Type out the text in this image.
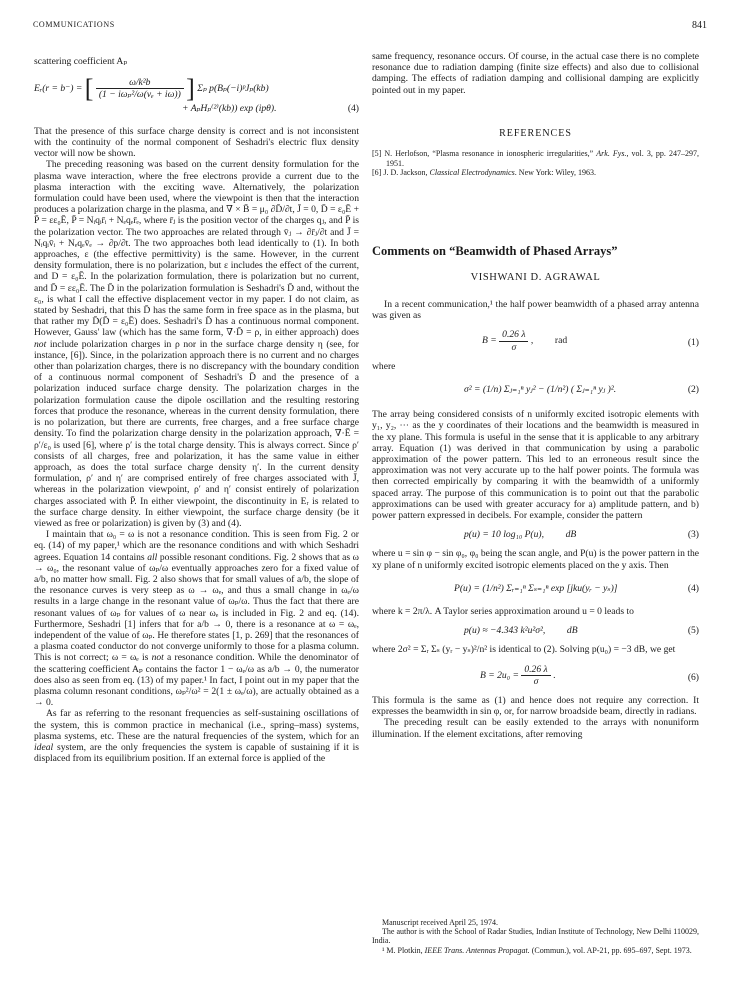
COMMUNICATIONS	841

scattering coefficient Aₚ

Eᵣ(r = b⁻) = [ $\frac{\text{ω/k²b}}{\text{(1 − iωₚ²/ω(νₑ + iω))}}$ ] Σₚ p(Bₚ(−i)ᵖJₚ(kb)
+ AₚHₚ⁽²⁾(kb)) exp (ipθ).	(4)

That the presence of this surface charge density is correct and is not inconsistent with the continuity of the normal component of Seshadri's electric flux density vector will now be shown.

The preceding reasoning was based on the current density formulation for the plasma wave interaction, where the free electrons provide a current due to the plasma interaction with the exciting wave. Alternatively, the polarization formulation could have been used, where the viewpoint is then that the interaction produces a polarization charge in the plasma, and ∇ × B̄ = μ₀ ∂D̄/∂t, J̄ = 0, D̄ = ε₀Ē + P̄ = εε₀Ē, P̄ = Nᵢqᵢr̄ᵢ + Nₑqₑr̄ₑ, where r̄ⱼ is the position vector of the charges qⱼ, and P̄ is the polarization vector. The two approaches are related through v̄ⱼ → ∂r̄ⱼ/∂t and J̄ = Nᵢqᵢv̄ᵢ + Nₑqₑv̄ₑ → ∂p/∂t. The two approaches both lead identically to (1). In both approaches, ε (the effective permittivity) is the same. However, in the current density formulation, there is no polarization, but ε includes the effect of the current, and D = ε₀Ē. In the polarization formulation, there is polarization but no current, and D̄ = εε₀Ē. The D̄ in the polarization formulation is Seshadri's D̄ and, without the ε₀, is what I call the effective displacement vector in my paper. I do not claim, as stated by Seshadri, that this D̄ has the same form in free space as in the plasma, but that rather my D̄(D̄ = ε₀Ē) does. Seshadri's D̄ has a continuous normal component. However, Gauss' law (which has the same form, ∇·D̄ = ρ, in either approach) does not include polarization charges in ρ nor in the surface charge density η (see, for instance, [6]). Since, in the polarization approach there is no current and no charges other than polarization charges, there is no discrepancy with the boundary condition of a continuous normal component of Seshadri's D̄ and the presence of a polarization induced surface charge density. The polarization charges in the polarization formulation cause the dipole oscillation and the resulting restoring forces that produce the resonance, whereas in the current density formulation, there is no polarization, but there are currents, free charges, and a free surface charge density. To find the polarization charge density in the polarization approach, ∇·Ē = ρ′/ε₀ is used [6], where ρ′ is the total charge density. This is always correct. Since ρ′ consists of all charges, free and polarization, it has the same value in either approach, as does the total surface charge density η′. In the current density formulation, ρ′ and η′ are comprised entirely of free charges associated with J̄, whereas in the polarization viewpoint, ρ′ and η′ consist entirely of polarization charges associated with P̄. In either viewpoint, the discontinuity in Eᵣ is related to the surface charge density. In either viewpoint, the surface charge density (be it viewed as free or polarization) is given by (3) and (4).

I maintain that ω₀ = ω is not a resonance condition. This is seen from Fig. 2 or eq. (14) of my paper,¹ which are the resonance conditions and with which Seshadri agrees. Equation 14 contains all possible resonant conditions. Fig. 2 shows that as ω → ω₀, the resonant value of ωₚ/ω eventually approaches zero for a fixed value of a/b, no matter how small. Fig. 2 also shows that for small values of a/b, the slope of the resonance curves is very steep as ω → ωₑ, and thus a small change in ωₑ/ω results in a large change in the resonant value of ωₚ/ω. Thus the fact that there are resonant values of ωₚ for values of ω near ωₑ is included in Fig. 2 and eq. (14). Furthermore, Seshadri [1] infers that for a/b → 0, there is a resonance at ω = ωₑ, independent of the value of ωₚ. He therefore states [1, p. 269] that the resonances of a plasma coated conductor do not converge uniformly to those for a plasma column. This is not correct; ω = ωₑ is not a resonance condition. While the denominator of the scattering coefficient Aₚ contains the factor 1 − ωₑ/ω as a/b → 0, the numerator does also as seen from eq. (13) of my paper.¹ In fact, I point out in my paper that the plasma column resonant conditions, ωₚ²/ω² = 2(1 ± ωₑ/ω), are actually obtained as a → 0.

As far as referring to the resonant frequencies as self-sustaining oscillations of the system, this is common practice in mechanical (i.e., spring–mass) systems, plasma systems, etc. These are the natural frequencies of the system, which for an ideal system, are the only frequencies the system is capable of sustaining if it is displaced from its equilibrium position. If an external force is applied of the

same frequency, resonance occurs. Of course, in the actual case there is no complete resonance due to radiation damping (finite size effects) and also due to collisional damping. The effects of radiation damping and collisional damping are explicitly pointed out in my paper.

REFERENCES

[5] N. Herlofson, “Plasma resonance in ionospheric irregularities,” Ark. Fys., vol. 3, pp. 247–297, 1951.

[6] J. D. Jackson, Classical Electrodynamics. New York: Wiley, 1963.

Comments on “Beamwidth of Phased Arrays”
VISHWANI D. AGRAWAL

In a recent communication,¹ the half power beamwidth of a phased array antenna was given as

$B = \frac{0.26 \lambda}{\sigma}$ ,   rad	(1)

where

σ² = (1/n) Σⱼ₌₁ⁿ yⱼ² − (1/n²) ( Σⱼ₌₁ⁿ yⱼ )².	(2)

The array being considered consists of n uniformly excited isotropic elements with y₁, y₂, ⋯ as the y coordinates of their locations and the beamwidth is measured in the xy plane. This formula is useful in the sense that it is applicable to any arbitrary array. Equation (1) was derived in that communication by using a parabolic approximation of the power pattern. This led to an erroneous result since the approximation was not very accurate up to the half power points. The formula was then corrected empirically by comparing it with the beamwidth of a uniformly spaced array. The purpose of this communication is to point out that the parabolic approximations can be used with greater accuracy for a) amplitude pattern, and b) power pattern expressed in decibels. For example, consider the pattern

p(u) = 10 log₁₀ P(u),   dB	(3)

where u = sin φ − sin φ₀, φ₀ being the scan angle, and P(u) is the power pattern in the xy plane of n uniformly excited isotropic elements placed on the y axis. Then

P(u) = (1/n²) Σᵣ₌₁ⁿ Σₛ₌₁ⁿ exp [jku(yᵣ − yₛ)]	(4)

where k = 2π/λ. A Taylor series approximation around u = 0 leads to

p(u) ≈ −4.343 k²u²σ²,   dB	(5)

where 2σ² = Σᵣ Σₛ (yᵣ − yₛ)²/n² is identical to (2). Solving p(u₀) = −3 dB, we get

$B = 2u_0 = \frac{0.26 \lambda}{\sigma}$ .	(6)

This formula is the same as (1) and hence does not require any correction. It expresses the beamwidth in sin φ, or, for narrow broadside beam, directly in radians.

The preceding result can be easily extended to the arrays with nonuniform illumination. If the element excitations, after removing

Manuscript received April 25, 1974.

The author is with the School of Radar Studies, Indian Institute of Technology, New Delhi 110029, India.

¹ M. Plotkin, IEEE Trans. Antennas Propagat. (Commun.), vol. AP-21, pp. 695–697, Sept. 1973.
